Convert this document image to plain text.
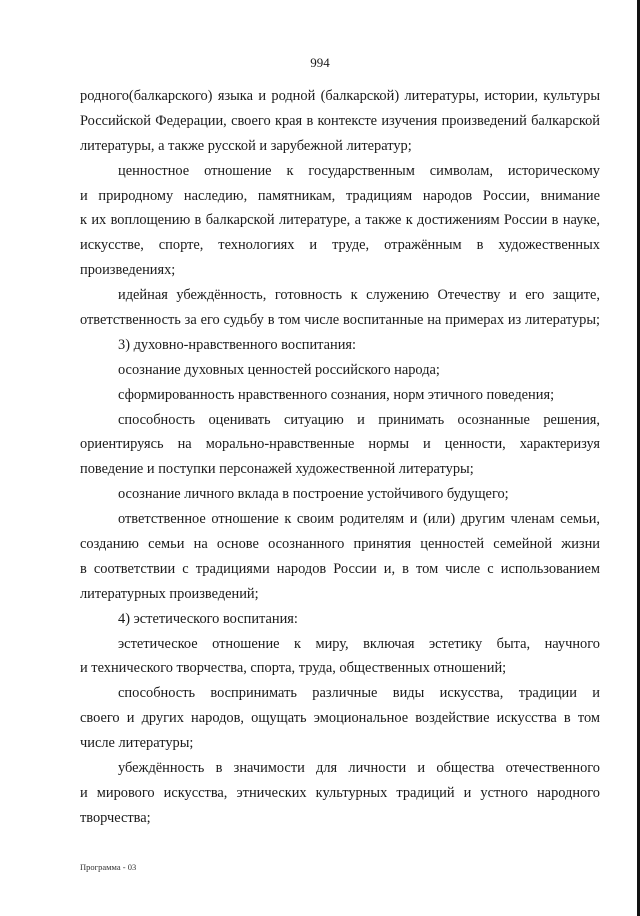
994
родного(балкарского) языка и родной (балкарской) литературы, истории, культуры
Российской Федерации, своего края в контексте изучения произведений балкарской
литературы, а также русской и зарубежной литератур;
ценностное отношение к государственным символам, историческому
и природному наследию, памятникам, традициям народов России, внимание
к их воплощению в балкарской литературе, а также к достижениям России в науке,
искусстве, спорте, технологиях и труде, отражённым в художественных
произведениях;
идейная убеждённость, готовность к служению Отечеству и его защите,
ответственность за его судьбу в том числе воспитанные на примерах из литературы;
3) духовно-нравственного воспитания:
осознание духовных ценностей российского народа;
сформированность нравственного сознания, норм этичного поведения;
способность оценивать ситуацию и принимать осознанные решения,
ориентируясь на морально-нравственные нормы и ценности, характеризуя
поведение и поступки персонажей художественной литературы;
осознание личного вклада в построение устойчивого будущего;
ответственное отношение к своим родителям и (или) другим членам семьи,
созданию семьи на основе осознанного принятия ценностей семейной жизни
в соответствии с традициями народов России и, в том числе с использованием
литературных произведений;
4) эстетического воспитания:
эстетическое отношение к миру, включая эстетику быта, научного
и технического творчества, спорта, труда, общественных отношений;
способность воспринимать различные виды искусства, традиции и
своего и других народов, ощущать эмоциональное воздействие искусства в том
числе литературы;
убеждённость в значимости для личности и общества отечественного
и мирового искусства, этнических культурных традиций и устного народного
творчества;
Программа - 03
